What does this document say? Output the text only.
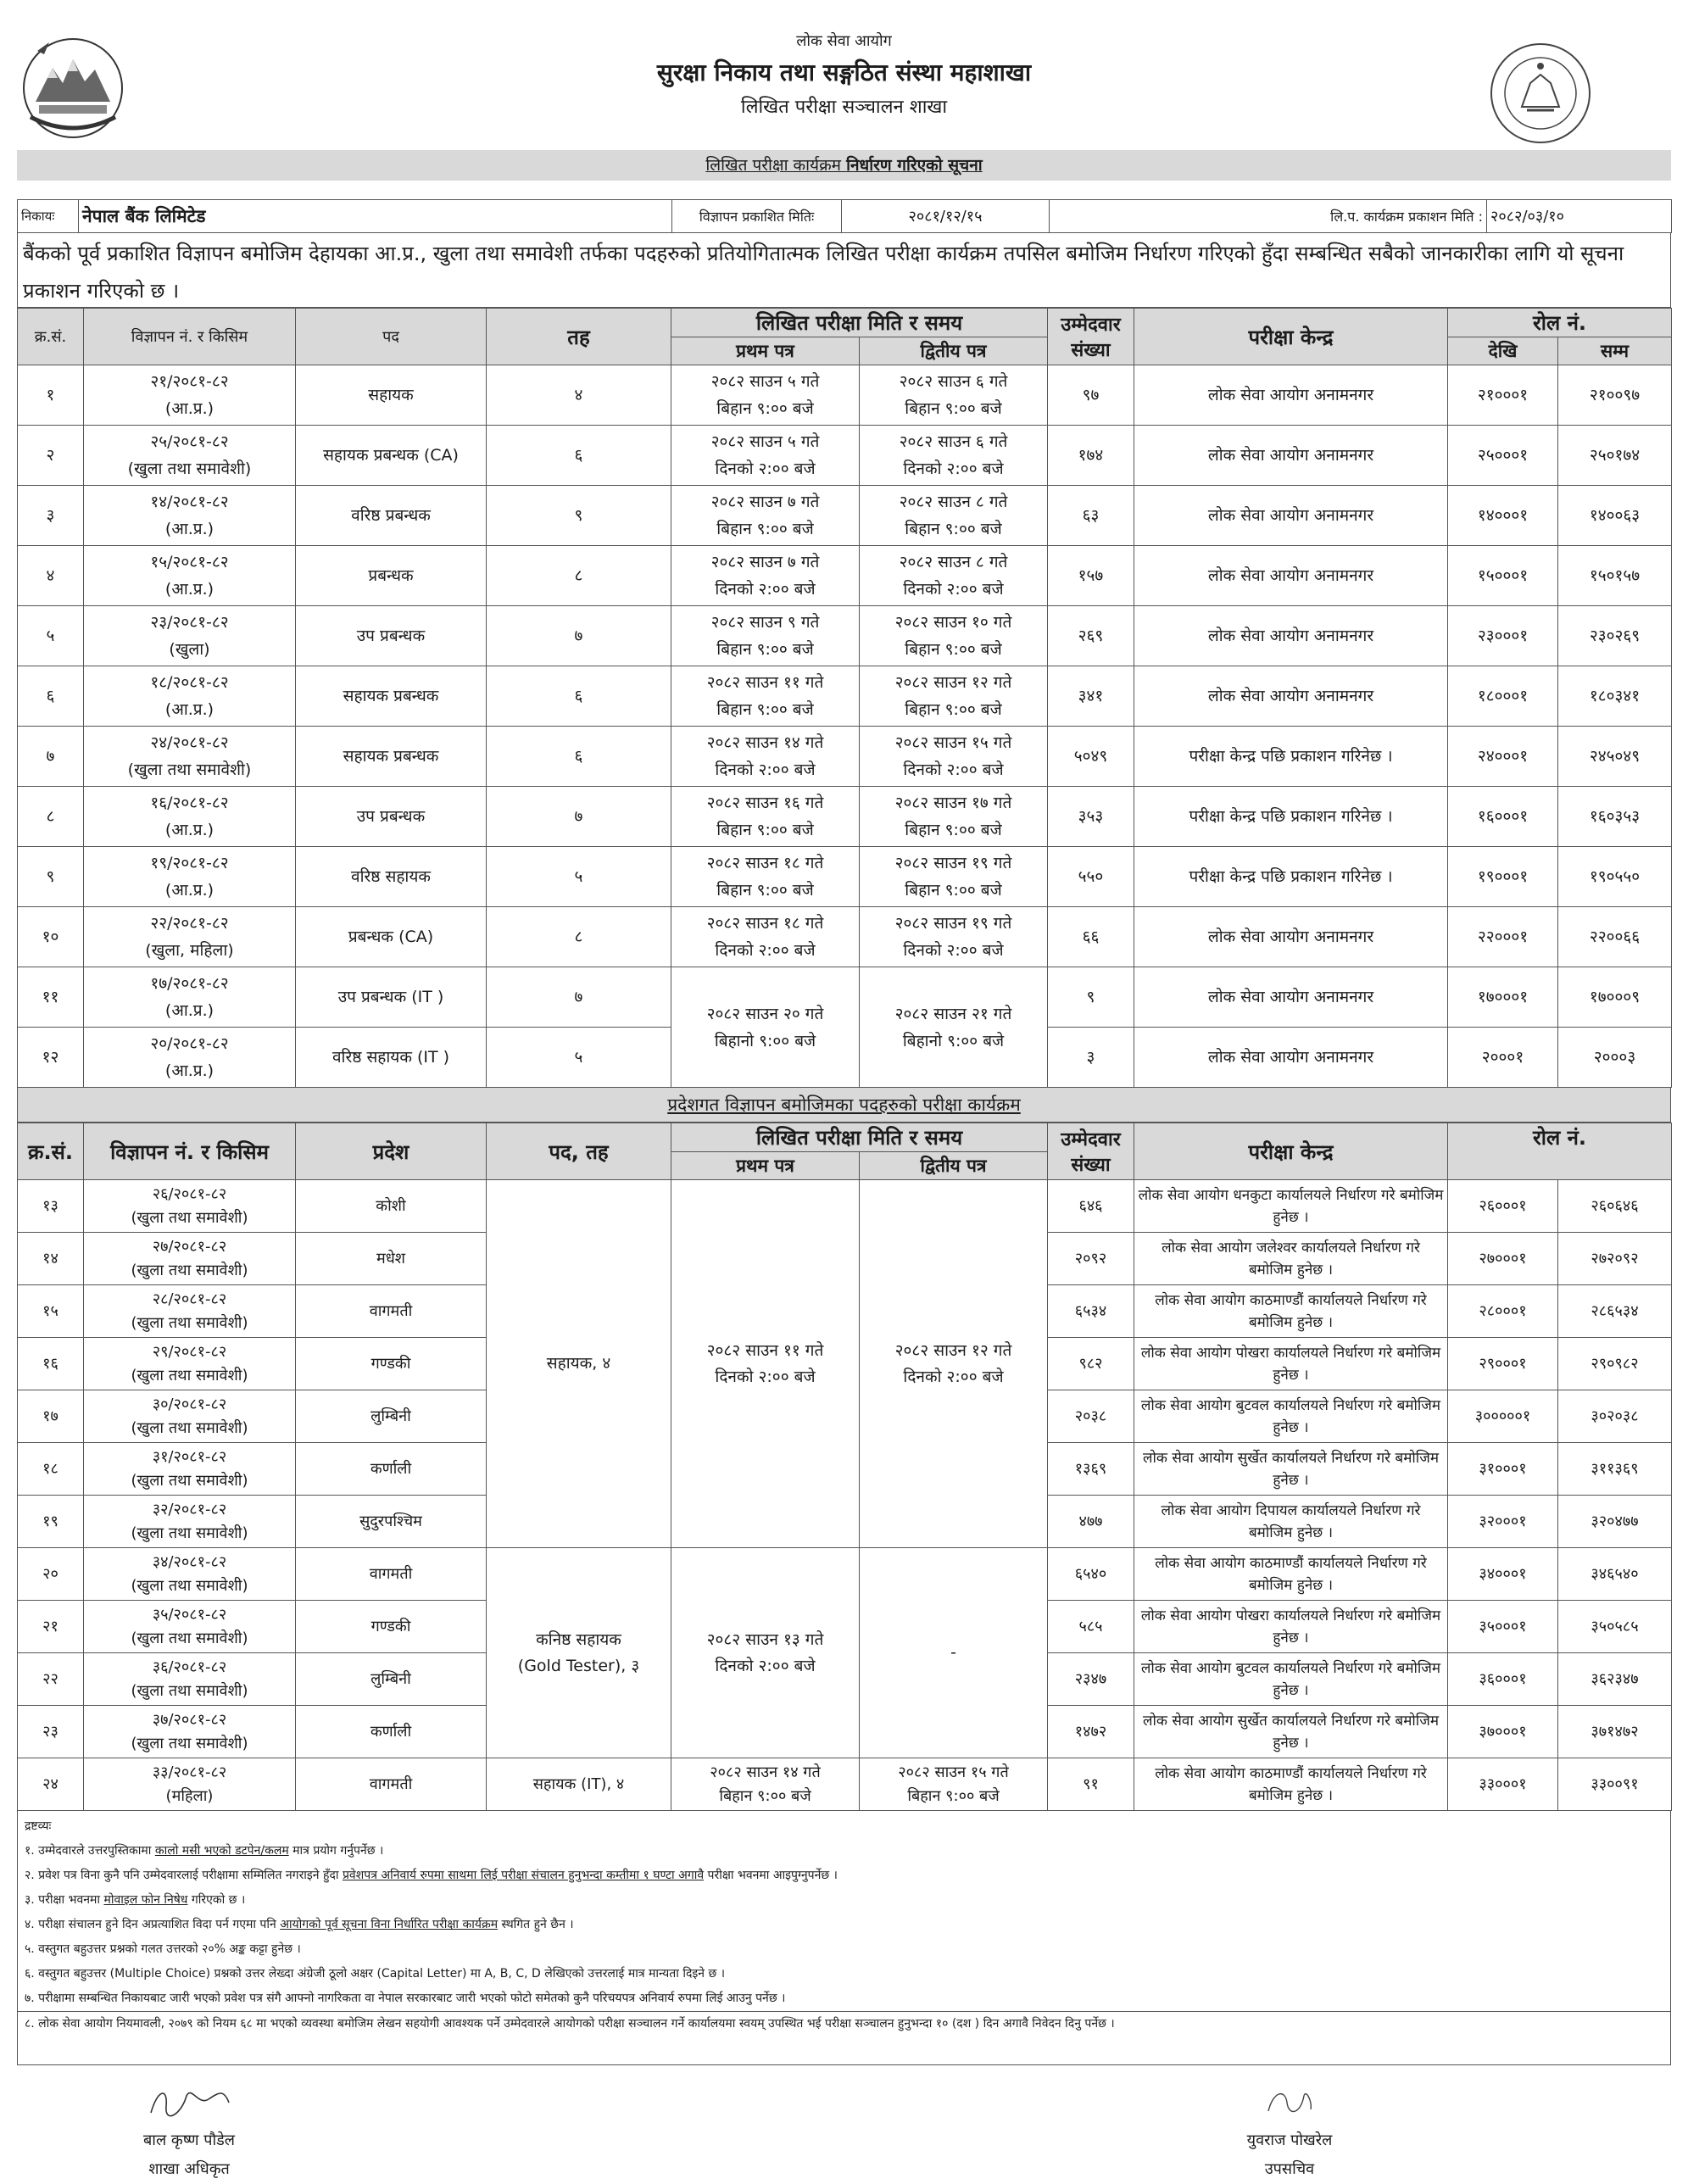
लोक सेवा आयोग
सुरक्षा निकाय तथा सङ्गठित संस्था महाशाखा
लिखित परीक्षा सञ्चालन शाखा
लिखित परीक्षा कार्यक्रम निर्धारण गरिएको सूचना
निकायः	नेपाल बैंक लिमिटेड	विज्ञापन प्रकाशित मितिः	२०८१/१२/१५	लि.प. कार्यक्रम प्रकाशन मिति :	२०८२/०३/१०
बैंकको पूर्व प्रकाशित विज्ञापन बमोजिम देहायका आ.प्र., खुला तथा समावेशी तर्फका पदहरुको प्रतियोगितात्मक लिखित परीक्षा कार्यक्रम तपसिल बमोजिम निर्धारण गरिएको हुँदा सम्बन्धित सबैको जानकारीका लागि यो सूचना प्रकाशन गरिएको छ ।
क्र.सं.	विज्ञापन नं. र किसिम	पद	तह	लिखित परीक्षा मिति र समय		उम्मेदवार संख्या	परीक्षा केन्द्र	रोल नं.	
				प्रथम पत्र	द्वितीय पत्र			देखि	सम्म
१	२१/२०८१-८२
(आ.प्र.)	सहायक	४	२०८२ साउन ५ गते
बिहान ९:०० बजे	२०८२ साउन ६ गते
बिहान ९:०० बजे	९७	लोक सेवा आयोग अनामनगर	२१०००१	२१००९७
२	२५/२०८१-८२
(खुला तथा समावेशी)	सहायक प्रबन्धक (CA)	६	२०८२ साउन ५ गते
दिनको २:०० बजे	२०८२ साउन ६ गते
दिनको २:०० बजे	१७४	लोक सेवा आयोग अनामनगर	२५०००१	२५०१७४
३	१४/२०८१-८२
(आ.प्र.)	वरिष्ठ प्रबन्धक	९	२०८२ साउन ७ गते
बिहान ९:०० बजे	२०८२ साउन ८ गते
बिहान ९:०० बजे	६३	लोक सेवा आयोग अनामनगर	१४०००१	१४००६३
४	१५/२०८१-८२
(आ.प्र.)	प्रबन्धक	८	२०८२ साउन ७ गते
दिनको २:०० बजे	२०८२ साउन ८ गते
दिनको २:०० बजे	१५७	लोक सेवा आयोग अनामनगर	१५०००१	१५०१५७
५	२३/२०८१-८२
(खुला)	उप प्रबन्धक	७	२०८२ साउन ९ गते
बिहान ९:०० बजे	२०८२ साउन १० गते
बिहान ९:०० बजे	२६९	लोक सेवा आयोग अनामनगर	२३०००१	२३०२६९
६	१८/२०८१-८२
(आ.प्र.)	सहायक प्रबन्धक	६	२०८२ साउन ११ गते
बिहान ९:०० बजे	२०८२ साउन १२ गते
बिहान ९:०० बजे	३४१	लोक सेवा आयोग अनामनगर	१८०००१	१८०३४१
७	२४/२०८१-८२
(खुला तथा समावेशी)	सहायक प्रबन्धक	६	२०८२ साउन १४ गते
दिनको २:०० बजे	२०८२ साउन १५ गते
दिनको २:०० बजे	५०४९	परीक्षा केन्द्र पछि प्रकाशन गरिनेछ ।	२४०००१	२४५०४९
८	१६/२०८१-८२
(आ.प्र.)	उप प्रबन्धक	७	२०८२ साउन १६ गते
बिहान ९:०० बजे	२०८२ साउन १७ गते
बिहान ९:०० बजे	३५३	परीक्षा केन्द्र पछि प्रकाशन गरिनेछ ।	१६०००१	१६०३५३
९	१९/२०८१-८२
(आ.प्र.)	वरिष्ठ सहायक	५	२०८२ साउन १८ गते
बिहान ९:०० बजे	२०८२ साउन १९ गते
बिहान ९:०० बजे	५५०	परीक्षा केन्द्र पछि प्रकाशन गरिनेछ ।	१९०००१	१९०५५०
१०	२२/२०८१-८२
(खुला, महिला)	प्रबन्धक (CA)	८	२०८२ साउन १८ गते
दिनको २:०० बजे	२०८२ साउन १९ गते
दिनको २:०० बजे	६६	लोक सेवा आयोग अनामनगर	२२०००१	२२००६६
११	१७/२०८१-८२
(आ.प्र.)	उप प्रबन्धक (IT )	७	२०८२ साउन २० गते
बिहानो ९:०० बजे	२०८२ साउन २१ गते
बिहानो ९:०० बजे	९	लोक सेवा आयोग अनामनगर	१७०००१	१७०००९
१२	२०/२०८१-८२
(आ.प्र.)	वरिष्ठ सहायक (IT )	५			३	लोक सेवा आयोग अनामनगर	२०००१	२०००३
प्रदेशगत विज्ञापन बमोजिमका पदहरुको परीक्षा कार्यक्रम
क्र.सं.	विज्ञापन नं. र किसिम	प्रदेश	पद, तह	लिखित परीक्षा मिति र समय		उम्मेदवार संख्या	परीक्षा केन्द्र	रोल नं.	
				प्रथम पत्र	द्वितीय पत्र				
१३	२६/२०८१-८२
(खुला तथा समावेशी)	कोशी	सहायक, ४	२०८२ साउन ११ गते
दिनको २:०० बजे	२०८२ साउन १२ गते
दिनको २:०० बजे	६४६	लोक सेवा आयोग धनकुटा कार्यालयले निर्धारण गरे बमोजिम हुनेछ ।	२६०००१	२६०६४६
१४	२७/२०८१-८२
(खुला तथा समावेशी)	मधेश				२०९२	लोक सेवा आयोग जलेश्वर कार्यालयले निर्धारण गरे बमोजिम हुनेछ ।	२७०००१	२७२०९२
१५	२८/२०८१-८२
(खुला तथा समावेशी)	वागमती				६५३४	लोक सेवा आयोग काठमाण्डौं कार्यालयले निर्धारण गरे बमोजिम हुनेछ ।	२८०००१	२८६५३४
१६	२९/२०८१-८२
(खुला तथा समावेशी)	गण्डकी				९८२	लोक सेवा आयोग पोखरा कार्यालयले निर्धारण गरे बमोजिम हुनेछ ।	२९०००१	२९०९८२
१७	३०/२०८१-८२
(खुला तथा समावेशी)	लुम्बिनी				२०३८	लोक सेवा आयोग बुटवल कार्यालयले निर्धारण गरे बमोजिम हुनेछ ।	३०००००१	३०२०३८
१८	३१/२०८१-८२
(खुला तथा समावेशी)	कर्णाली				१३६९	लोक सेवा आयोग सुर्खेत कार्यालयले निर्धारण गरे बमोजिम हुनेछ ।	३१०००१	३११३६९
१९	३२/२०८१-८२
(खुला तथा समावेशी)	सुदुरपश्चिम				४७७	लोक सेवा आयोग दिपायल कार्यालयले निर्धारण गरे बमोजिम हुनेछ ।	३२०००१	३२०४७७
२०	३४/२०८१-८२
(खुला तथा समावेशी)	वागमती	कनिष्ठ सहायक
(Gold Tester), ३	२०८२ साउन १३ गते
दिनको २:०० बजे	-	६५४०	लोक सेवा आयोग काठमाण्डौं कार्यालयले निर्धारण गरे बमोजिम हुनेछ ।	३४०००१	३४६५४०
२१	३५/२०८१-८२
(खुला तथा समावेशी)	गण्डकी				५८५	लोक सेवा आयोग पोखरा कार्यालयले निर्धारण गरे बमोजिम हुनेछ ।	३५०००१	३५०५८५
२२	३६/२०८१-८२
(खुला तथा समावेशी)	लुम्बिनी				२३४७	लोक सेवा आयोग बुटवल कार्यालयले निर्धारण गरे बमोजिम हुनेछ ।	३६०००१	३६२३४७
२३	३७/२०८१-८२
(खुला तथा समावेशी)	कर्णाली				१४७२	लोक सेवा आयोग सुर्खेत कार्यालयले निर्धारण गरे बमोजिम हुनेछ ।	३७०००१	३७१४७२
२४	३३/२०८१-८२
(महिला)	वागमती	सहायक (IT), ४	२०८२ साउन १४ गते
बिहान ९:०० बजे	२०८२ साउन १५ गते
बिहान ९:०० बजे	९१	लोक सेवा आयोग काठमाण्डौं कार्यालयले निर्धारण गरे बमोजिम हुनेछ ।	३३०००१	३३००९१

द्रष्टव्यः

१. उम्मेदवारले उत्तरपुस्तिकामा कालो मसी भएको डटपेन/कलम मात्र प्रयोग गर्नुपर्नेछ ।

२. प्रवेश पत्र विना कुनै पनि उम्मेदवारलाई परीक्षामा सम्मिलित नगराइने हुँदा प्रवेशपत्र अनिवार्य रुपमा साथमा लिई परीक्षा संचालन हुनुभन्दा कम्तीमा १ घण्टा अगावै परीक्षा भवनमा आइपुग्नुपर्नेछ ।

३. परीक्षा भवनमा मोवाइल फोन निषेध गरिएको छ ।

४. परीक्षा संचालन हुने दिन अप्रत्याशित विदा पर्न गएमा पनि आयोगको पूर्व सूचना विना निर्धारित परीक्षा कार्यक्रम स्थगित हुने छैन ।

५. वस्तुगत बहुउत्तर प्रश्नको गलत उत्तरको २०% अङ्क कट्टा हुनेछ ।

६. वस्तुगत बहुउत्तर (Multiple Choice) प्रश्नको उत्तर लेख्दा अंग्रेजी ठूलो अक्षर (Capital Letter) मा A, B, C, D लेखिएको उत्तरलाई मात्र मान्यता दिइने छ ।

७. परीक्षामा सम्बन्धित निकायबाट जारी भएको प्रवेश पत्र संगै आफ्नो नागरिकता वा नेपाल सरकारबाट जारी भएको फोटो समेतको कुनै परिचयपत्र अनिवार्य रुपमा लिई आउनु पर्नेछ ।

८. लोक सेवा आयोग नियमावली, २०७९ को नियम ६८ मा भएको व्यवस्था बमोजिम लेखन सहयोगी आवश्यक पर्ने उम्मेदवारले आयोगको परीक्षा सञ्चालन गर्ने कार्यालयमा स्वयम् उपस्थित भई परीक्षा सञ्चालन हुनुभन्दा १० (दश ) दिन अगावै निवेदन दिनु पर्नेछ ।

बाल कृष्ण पौडेल
शाखा अधिकृत
युवराज पोखरेल
उपसचिव
